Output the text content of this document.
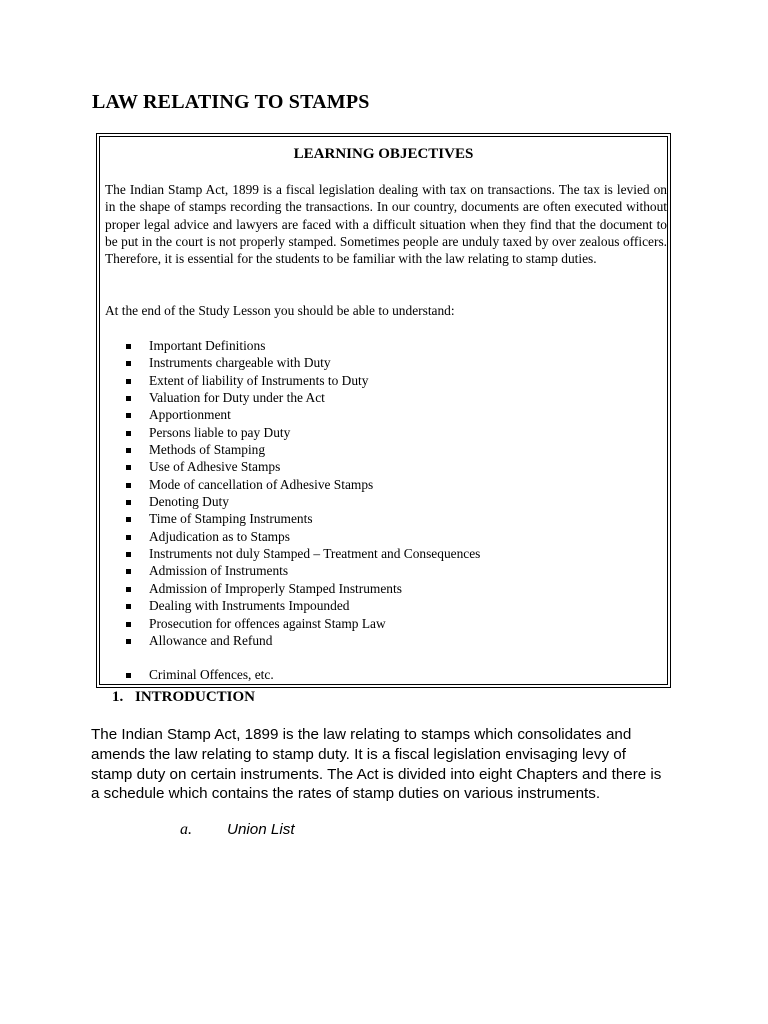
LAW RELATING TO STAMPS
LEARNING OBJECTIVES
The Indian Stamp Act, 1899 is a fiscal legislation dealing with tax on transactions. The tax is levied on in the shape of stamps recording the transactions. In our country, documents are often executed without proper legal advice and lawyers are faced with a difficult situation when they find that the document to be put in the court is not properly stamped. Sometimes people are unduly taxed by over zealous officers. Therefore, it is essential for the students to be familiar with the law relating to stamp duties.
At the end of the Study Lesson you should be able to understand:
Important Definitions
Instruments chargeable with Duty
Extent of liability of Instruments to Duty
Valuation for Duty under the Act
Apportionment
Persons liable to pay Duty
Methods of Stamping
Use of Adhesive Stamps
Mode of cancellation of Adhesive Stamps
Denoting Duty
Time of Stamping Instruments
Adjudication as to Stamps
Instruments not duly Stamped – Treatment and Consequences
Admission of Instruments
Admission of Improperly Stamped Instruments
Dealing with Instruments Impounded
Prosecution for offences against Stamp Law
Allowance and Refund
Criminal Offences, etc.
1. INTRODUCTION
The Indian Stamp Act, 1899 is the law relating to stamps which consolidates and
amends the law relating to stamp duty. It is a fiscal legislation envisaging levy of
stamp duty on certain instruments. The Act is divided into eight Chapters and there is
a schedule which contains the rates of stamp duties on various instruments.
a. Union List
